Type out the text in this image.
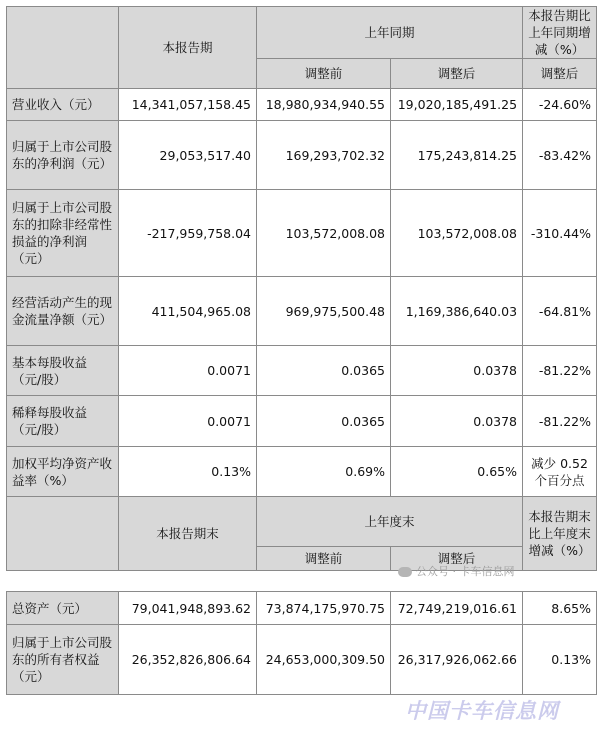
	本报告期	上年同期		本报告期比上年同期增减（%）
		调整前	调整后	调整后
营业收入（元）	14,341,057,158.45	18,980,934,940.55	19,020,185,491.25	-24.60%
归属于上市公司股东的净利润（元）	29,053,517.40	169,293,702.32	175,243,814.25	-83.42%
归属于上市公司股东的扣除非经常性损益的净利润（元）	-217,959,758.04	103,572,008.08	103,572,008.08	-310.44%
经营活动产生的现金流量净额（元）	411,504,965.08	969,975,500.48	1,169,386,640.03	-64.81%
基本每股收益（元/股）	0.0071	0.0365	0.0378	-81.22%
稀释每股收益（元/股）	0.0071	0.0365	0.0378	-81.22%
加权平均净资产收益率（%）	0.13%	0.69%	0.65%	减少 0.52 个百分点
	本报告期末	上年度末		本报告期末比上年度末增减（%）
		调整前	调整后	
总资产（元）	79,041,948,893.62	73,874,175,970.75	72,749,219,016.61	8.65%
归属于上市公司股东的所有者权益（元）	26,352,826,806.64	24,653,000,309.50	26,317,926,062.66	0.13%
公众号 · 卡车信息网
中国卡车信息网
